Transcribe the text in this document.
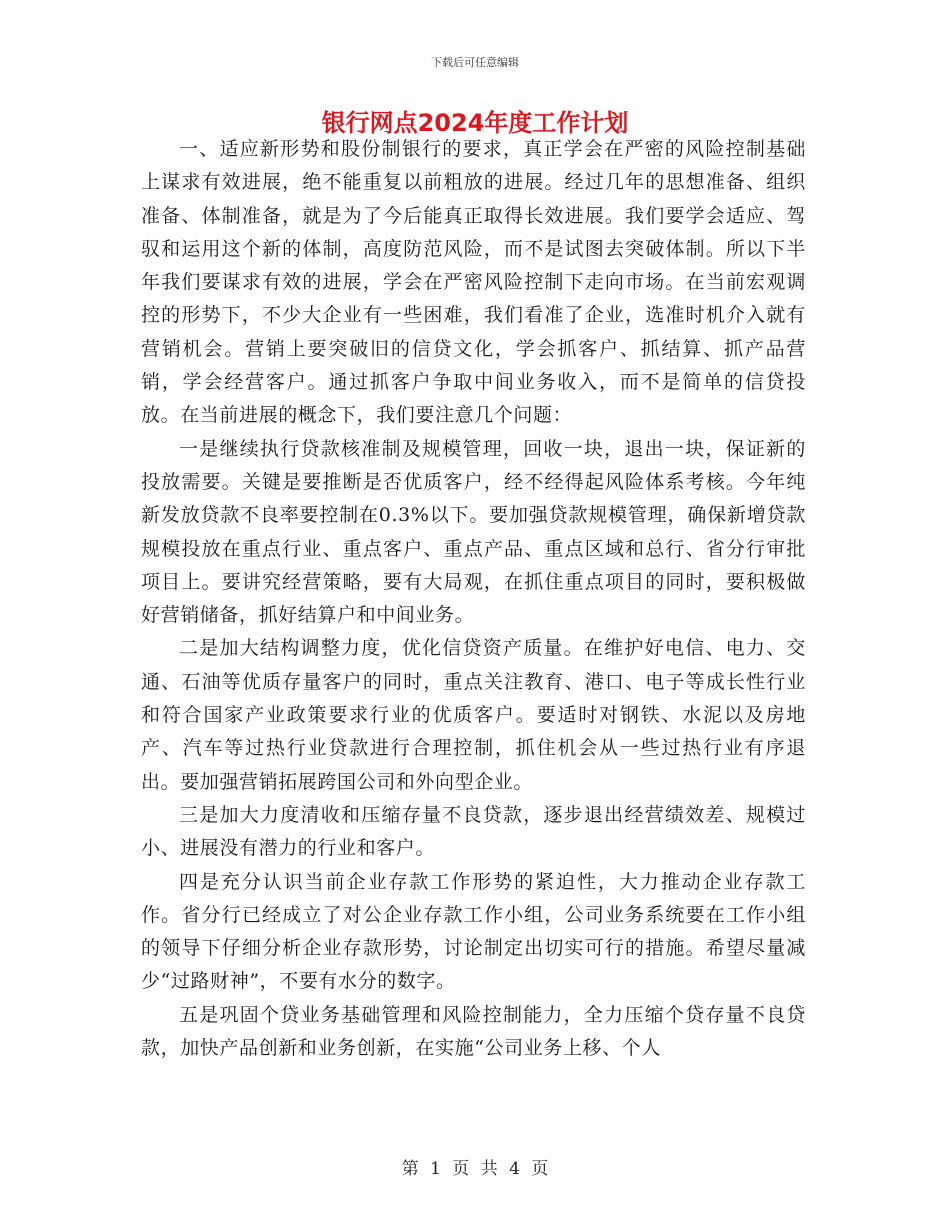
下载后可任意编辑
银行网点2024年度工作计划

一、适应新形势和股份制银行的要求，真正学会在严密的风险控制基础上谋求有效进展，绝不能重复以前粗放的进展。经过几年的思想准备、组织准备、体制准备，就是为了今后能真正取得长效进展。我们要学会适应、驾驭和运用这个新的体制，高度防范风险，而不是试图去突破体制。所以下半年我们要谋求有效的进展，学会在严密风险控制下走向市场。在当前宏观调控的形势下，不少大企业有一些困难，我们看准了企业，选准时机介入就有营销机会。营销上要突破旧的信贷文化，学会抓客户、抓结算、抓产品营销，学会经营客户。通过抓客户争取中间业务收入，而不是简单的信贷投放。在当前进展的概念下，我们要注意几个问题：

一是继续执行贷款核准制及规模管理，回收一块，退出一块，保证新的投放需要。关键是要推断是否优质客户，经不经得起风险体系考核。今年纯新发放贷款不良率要控制在0.3%以下。要加强贷款规模管理，确保新增贷款规模投放在重点行业、重点客户、重点产品、重点区域和总行、省分行审批项目上。要讲究经营策略，要有大局观，在抓住重点项目的同时，要积极做好营销储备，抓好结算户和中间业务。

二是加大结构调整力度，优化信贷资产质量。在维护好电信、电力、交通、石油等优质存量客户的同时，重点关注教育、港口、电子等成长性行业和符合国家产业政策要求行业的优质客户。要适时对钢铁、水泥以及房地产、汽车等过热行业贷款进行合理控制，抓住机会从一些过热行业有序退出。要加强营销拓展跨国公司和外向型企业。

三是加大力度清收和压缩存量不良贷款，逐步退出经营绩效差、规模过小、进展没有潜力的行业和客户。

四是充分认识当前企业存款工作形势的紧迫性，大力推动企业存款工作。省分行已经成立了对公企业存款工作小组，公司业务系统要在工作小组的领导下仔细分析企业存款形势，讨论制定出切实可行的措施。希望尽量减少“过路财神”，不要有水分的数字。

五是巩固个贷业务基础管理和风险控制能力，全力压缩个贷存量不良贷款，加快产品创新和业务创新，在实施“公司业务上移、个人

第 1 页 共 4 页
